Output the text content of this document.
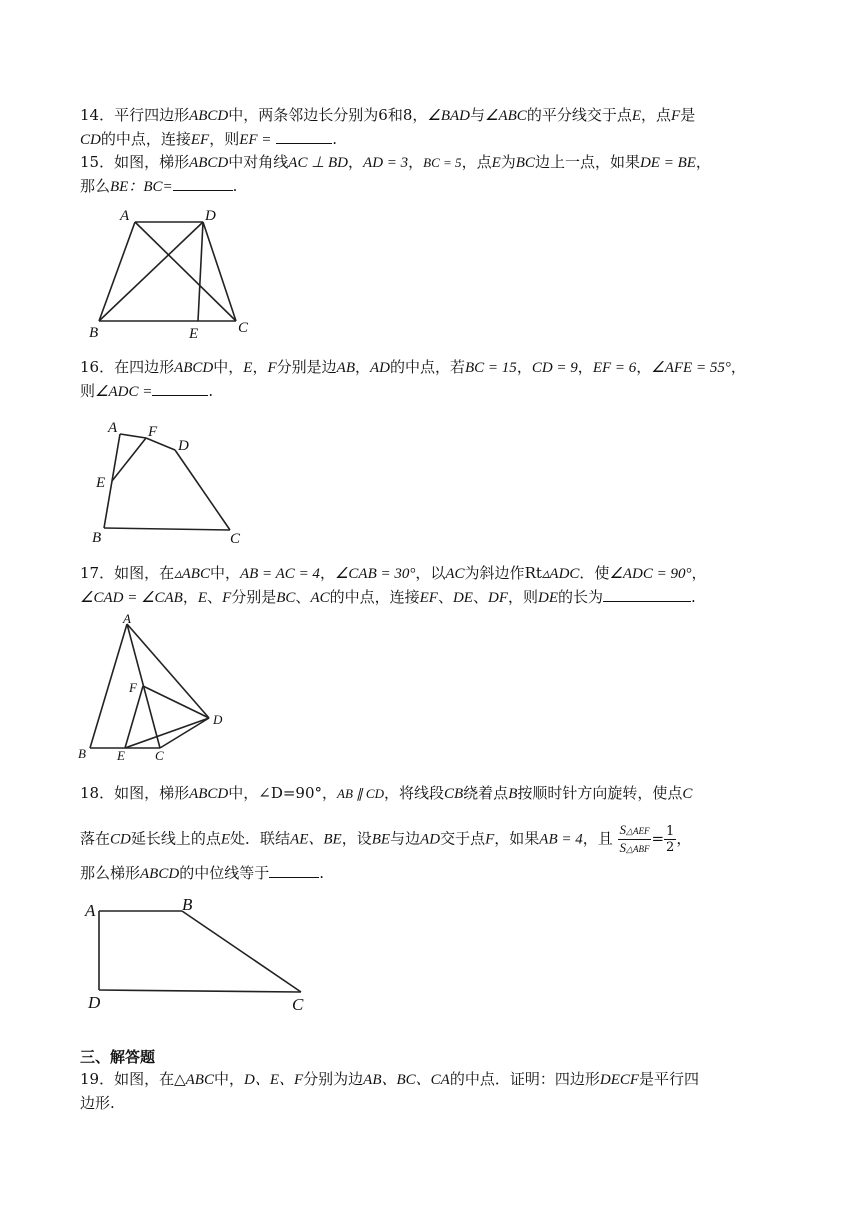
14．平行四边形ABCD中，两条邻边长分别为6和8，∠BAD与∠ABC的平分线交于点E，点F是
CD的中点，连接EF，则EF =	.
15．如图，梯形ABCD中对角线AC ⊥ BD，AD = 3，BC = 5，点E为BC边上一点，如果DE = BE，
那么BE：BC=	.
A	D
B	E	C
16．在四边形ABCD中，E，F分别是边AB，AD的中点，若BC = 15，CD = 9，EF = 6，∠AFE = 55°，
则∠ADC =	.
A F
D
E
B	C
17．如图，在▵ABC中，AB = AC = 4，∠CAB = 30°，以AC为斜边作Rt▵ADC．使∠ADC = 90°，
∠CAD = ∠CAB，E、F分别是BC、AC的中点，连接EF、DE、DF，则DE的长为	.
A
F
D
B E C
18．如图，梯形ABCD中，∠D=90°，AB ∥ CD，将线段CB绕着点B按顺时针方向旋转，使点C
落在CD延长线上的点E处．联结AE、BE，设BE与边AD交于点F，如果AB = 4，且 $\frac{\text{S△AEF}}{\text{S△ABF}} = \frac{1}{2}$ ，
那么梯形ABCD的中位线等于	.
A	B
D	C
三、解答题
19．如图，在△ABC中，D、E、F分别为边AB、BC、CA的中点．证明：四边形DECF是平行四
边形.
